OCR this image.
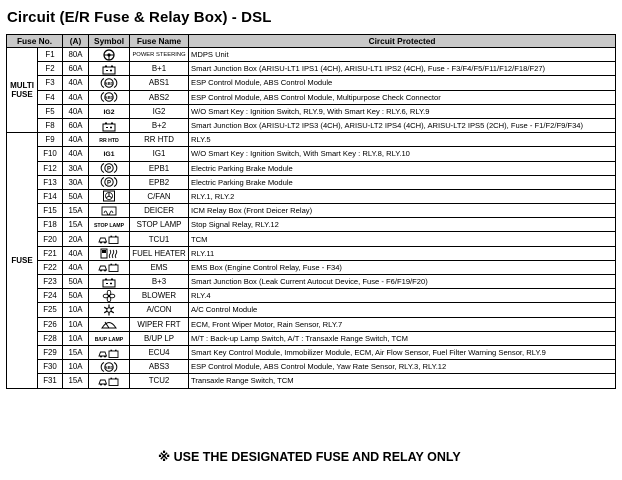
Circuit (E/R Fuse & Relay Box) - DSL
Fuse No.		(A)	Symbol	Fuse Name	Circuit Protected
MULTI FUSE	F1	80A		POWER STEERING	MDPS Unit
	F2	60A		B+1	Smart Junction Box (ARISU-LT1 IPS1 (4CH), ARISU-LT1 IPS2 (4CH), Fuse - F3/F4/F5/F11/F12/F18/F27)
	F3	40A	ABS	ABS1	ESP Control Module, ABS Control Module
	F4	40A	ABS	ABS2	ESP Control Module, ABS Control Module, Multipurpose Check Connector
	F5	40A	IG2	IG2	W/O Smart Key : Ignition Switch, RLY.9, With Smart Key : RLY.6, RLY.9
	F8	60A		B+2	Smart Junction Box (ARISU-LT2 IPS3 (4CH), ARISU-LT2 IPS4 (4CH), ARISU-LT2 IPS5 (2CH), Fuse - F1/F2/F9/F34)
FUSE	F9	40A	RR HTD	RR HTD	RLY.5
	F10	40A	IG1	IG1	W/O Smart Key : Ignition Switch, With Smart Key : RLY.8, RLY.10
	F12	30A	P	EPB1	Electric Parking Brake Module
	F13	30A	P	EPB2	Electric Parking Brake Module
	F14	50A		C/FAN	RLY.1, RLY.2
	F15	15A		DEICER	ICM Relay Box (Front Deicer Relay)
	F18	15A	STOP LAMP	STOP LAMP	Stop Signal Relay, RLY.12
	F20	20A		TCU1	TCM
	F21	40A		FUEL HEATER	RLY.11
	F22	40A		EMS	EMS Box (Engine Control Relay, Fuse - F34)
	F23	50A		B+3	Smart Junction Box (Leak Current Autocut Device, Fuse - F6/F19/F20)
	F24	50A		BLOWER	RLY.4
	F25	10A		A/CON	A/C Control Module
	F26	10A		WIPER FRT	ECM, Front Wiper Motor, Rain Sensor, RLY.7
	F28	10A	B/UP LAMP	B/UP LP	M/T : Back-up Lamp Switch, A/T : Transaxle Range Switch, TCM
	F29	15A		ECU4	Smart Key Control Module, Immobilizer Module, ECM, Air Flow Sensor, Fuel Filter Warning Sensor, RLY.9
	F30	10A	ABS	ABS3	ESP Control Module, ABS Control Module, Yaw Rate Sensor, RLY.3, RLY.12
	F31	15A		TCU2	Transaxle Range Switch, TCM
※ USE THE DESIGNATED FUSE AND RELAY ONLY
